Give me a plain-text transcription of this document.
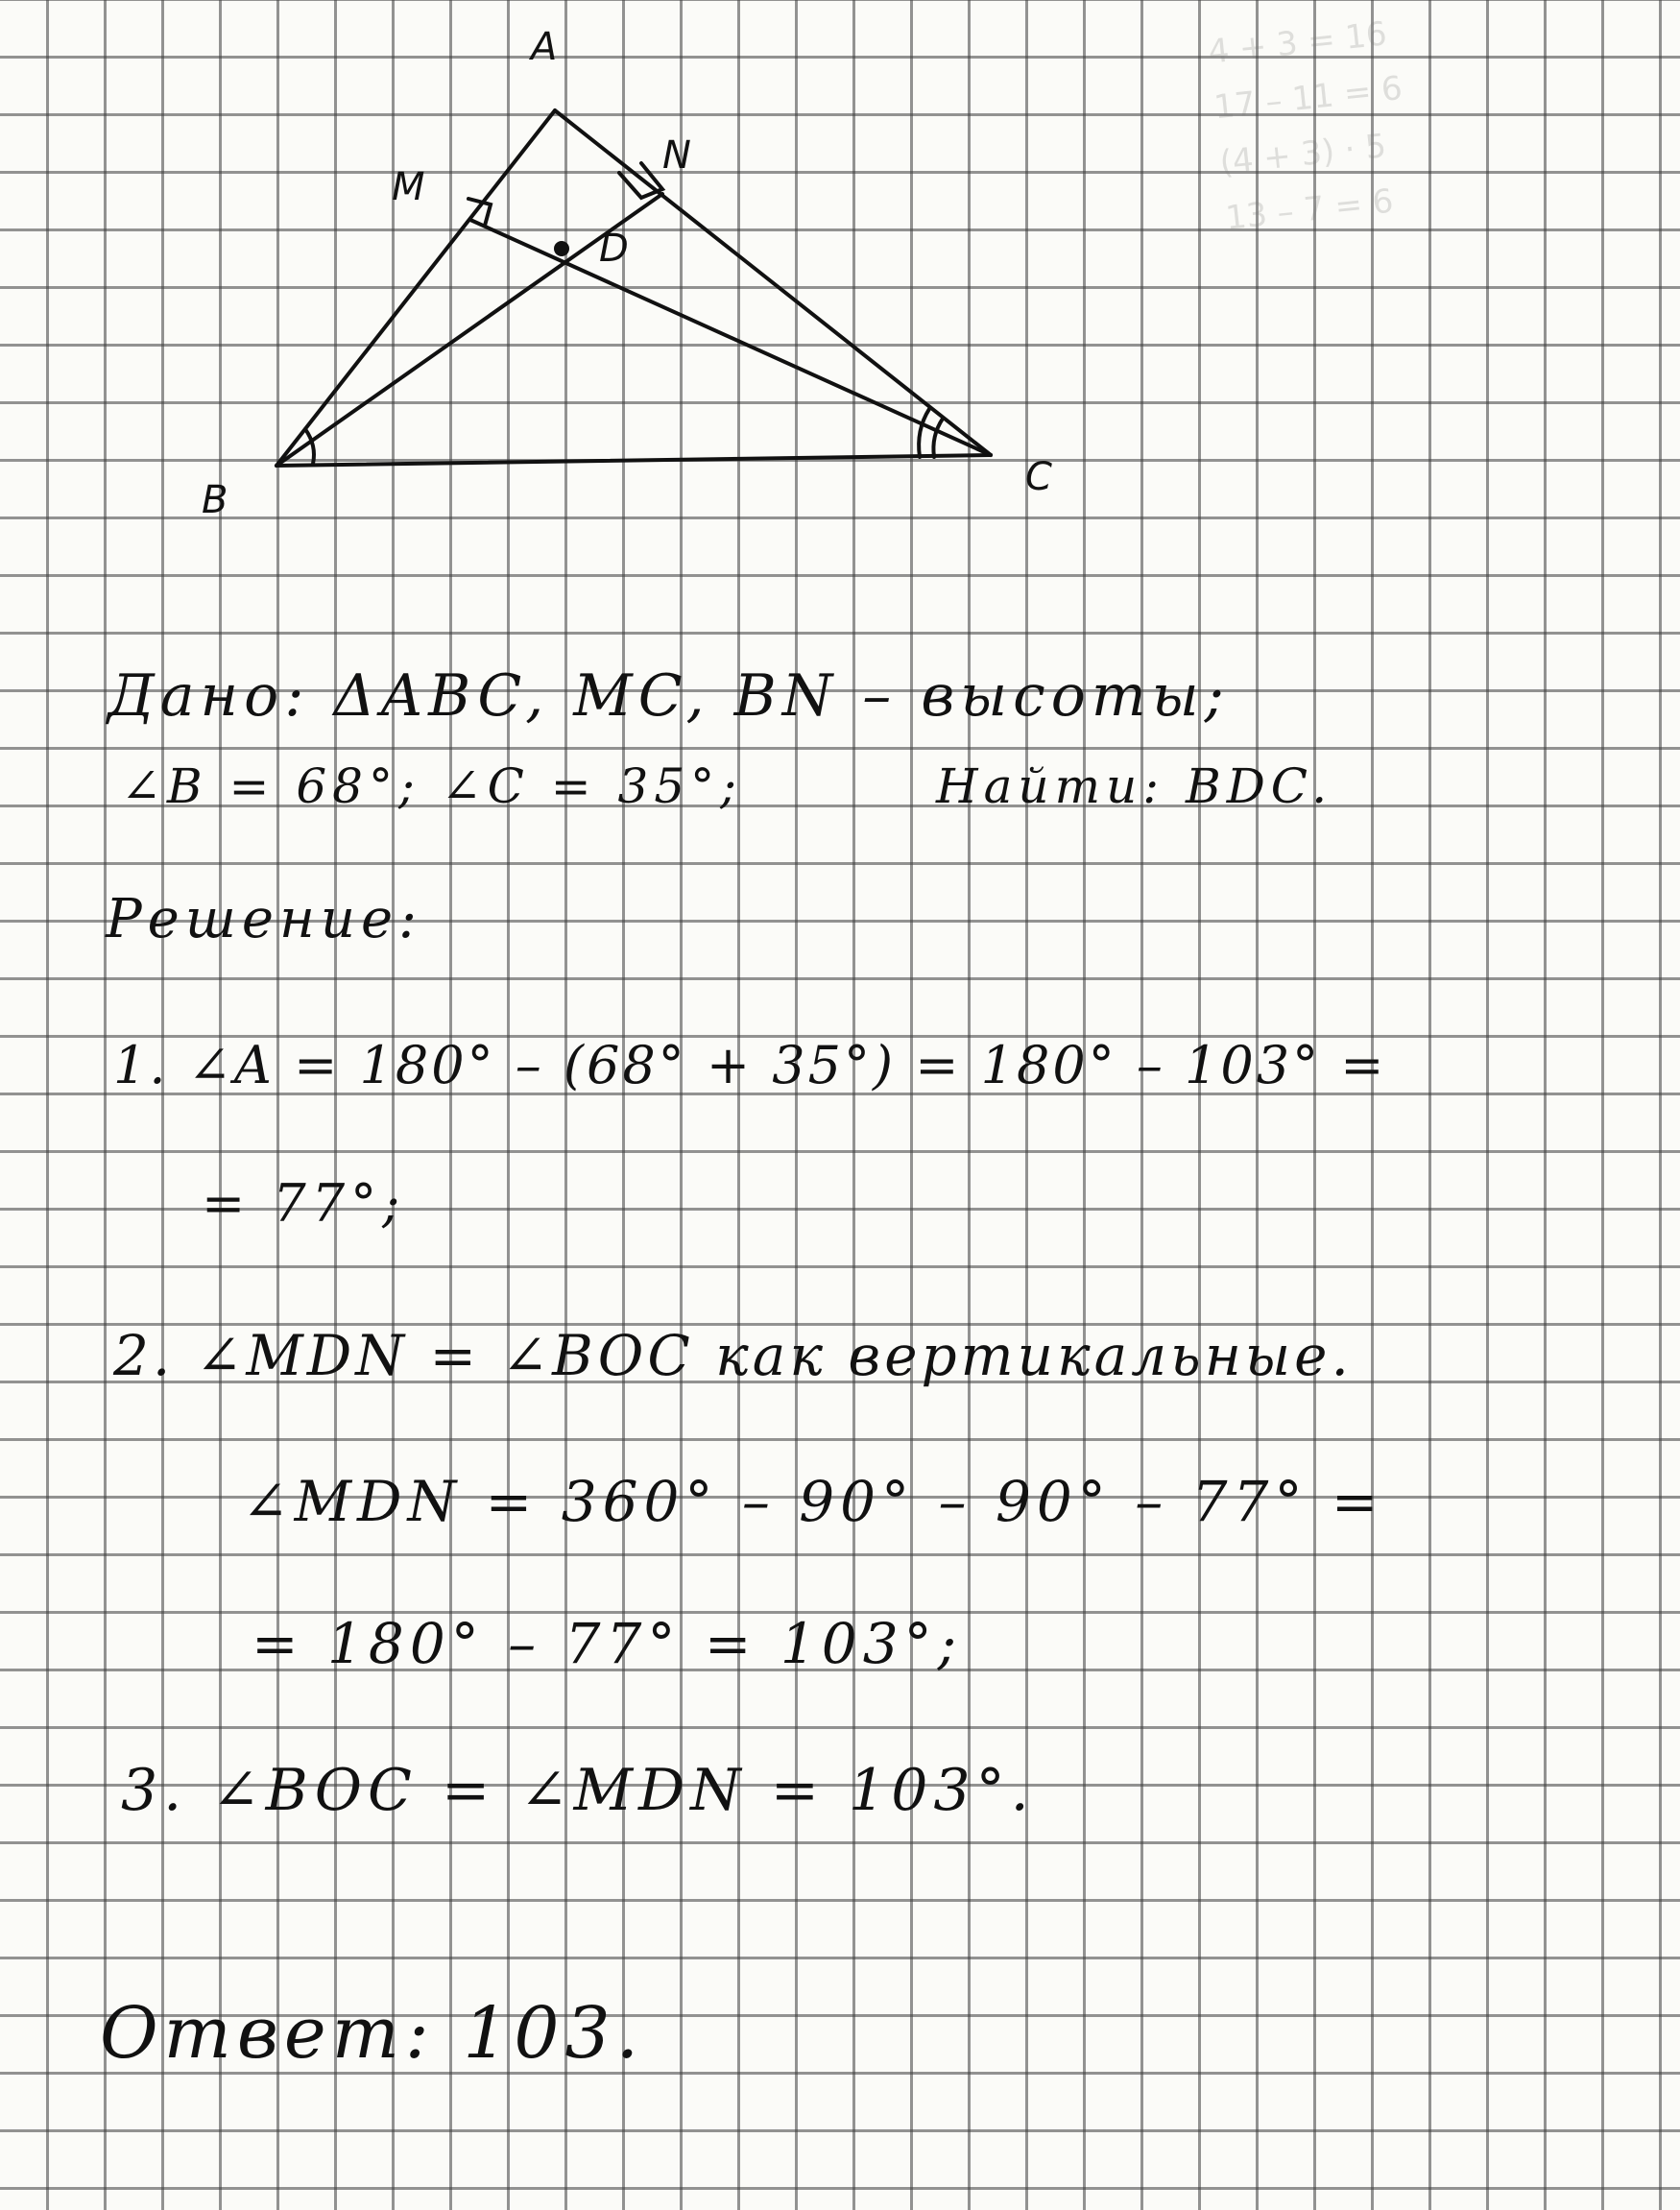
4 + 3 = 16
17 – 11 = 6
(4 + 3) · 5
13 – 7 = 6
A
B
C
M
N
D
Дано: ΔABC, MC, BN – высоты;
∠B = 68°; ∠C = 35°;	Найти: BDC.
Решение:
1. ∠A = 180° – (68° + 35°) = 180° – 103° =
= 77°;
2. ∠MDN = ∠BOC как вертикальные.
∠MDN = 360° – 90° – 90° – 77° =
= 180° – 77° = 103°;
3. ∠BOC = ∠MDN = 103°.
Ответ: 103.
